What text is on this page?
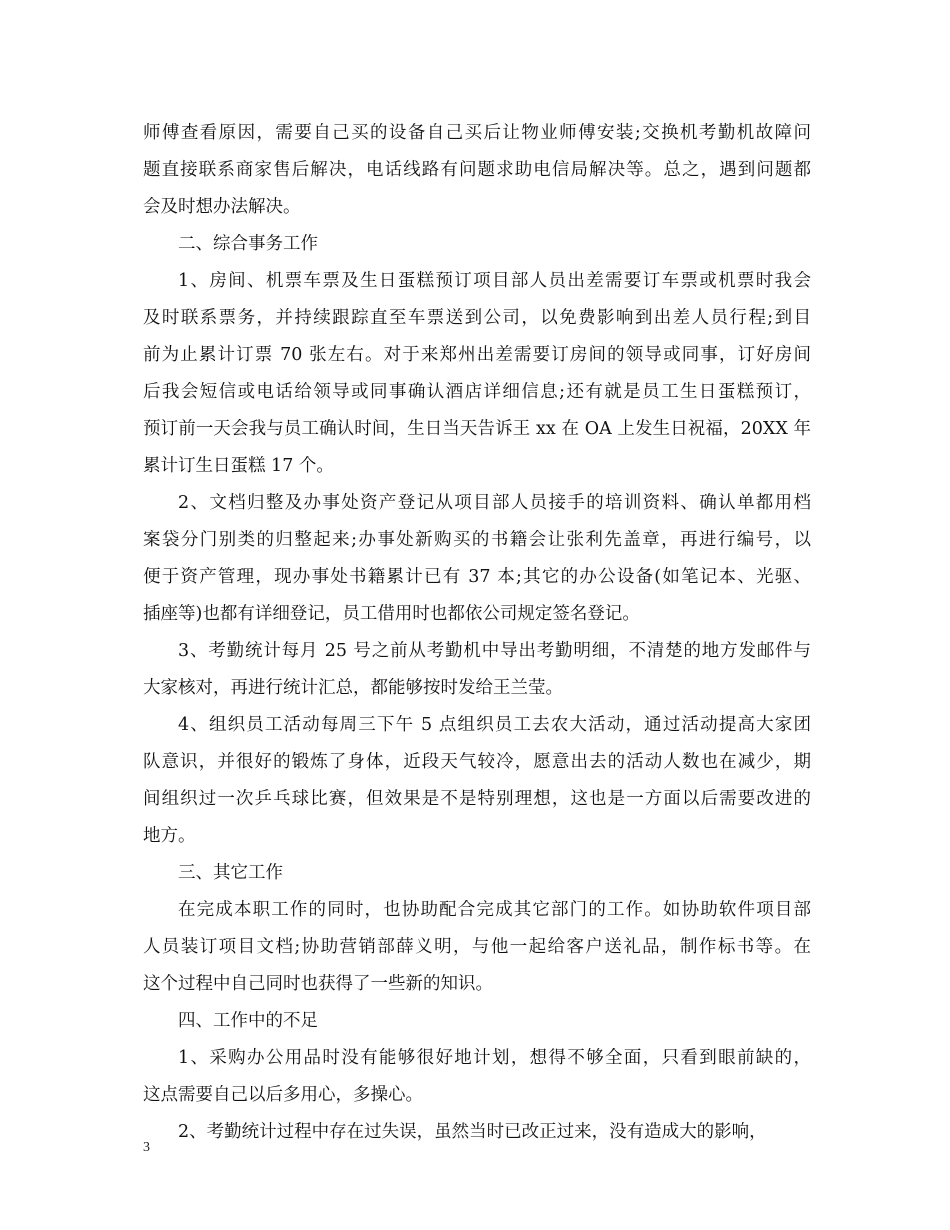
师傅查看原因，需要自己买的设备自己买后让物业师傅安装;交换机考勤机故障问

题直接联系商家售后解决，电话线路有问题求助电信局解决等。总之，遇到问题都

会及时想办法解决。

二、综合事务工作

1、房间、机票车票及生日蛋糕预订项目部人员出差需要订车票或机票时我会

及时联系票务，并持续跟踪直至车票送到公司，以免费影响到出差人员行程;到目

前为止累计订票 70 张左右。对于来郑州出差需要订房间的领导或同事，订好房间

后我会短信或电话给领导或同事确认酒店详细信息;还有就是员工生日蛋糕预订，

预订前一天会我与员工确认时间，生日当天告诉王 xx 在 OA 上发生日祝福，20XX 年

累计订生日蛋糕 17 个。

2、文档归整及办事处资产登记从项目部人员接手的培训资料、确认单都用档

案袋分门别类的归整起来;办事处新购买的书籍会让张利先盖章，再进行编号，以

便于资产管理，现办事处书籍累计已有 37 本;其它的办公设备(如笔记本、光驱、

插座等)也都有详细登记，员工借用时也都依公司规定签名登记。

3、考勤统计每月 25 号之前从考勤机中导出考勤明细，不清楚的地方发邮件与

大家核对，再进行统计汇总，都能够按时发给王兰莹。

4、组织员工活动每周三下午 5 点组织员工去农大活动，通过活动提高大家团

队意识，并很好的锻炼了身体，近段天气较冷，愿意出去的活动人数也在减少，期

间组织过一次乒乓球比赛，但效果是不是特别理想，这也是一方面以后需要改进的

地方。

三、其它工作

在完成本职工作的同时，也协助配合完成其它部门的工作。如协助软件项目部

人员装订项目文档;协助营销部薛义明，与他一起给客户送礼品，制作标书等。在

这个过程中自己同时也获得了一些新的知识。

四、工作中的不足

1、采购办公用品时没有能够很好地计划，想得不够全面，只看到眼前缺的，

这点需要自己以后多用心，多操心。

2、考勤统计过程中存在过失误，虽然当时已改正过来，没有造成大的影响，

3
